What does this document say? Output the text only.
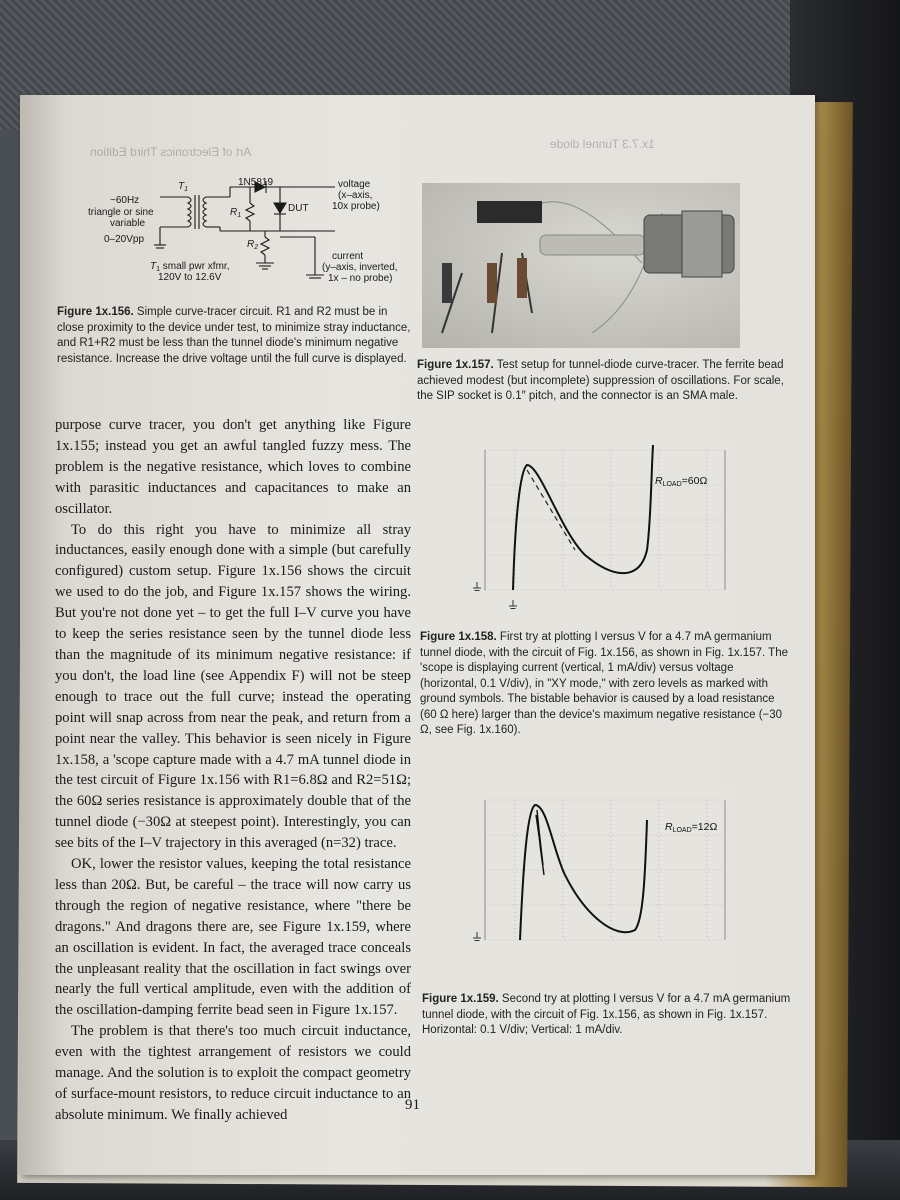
Art of Electronics Third Edition
1x.7.3 Tunnel diode
1N5819
$T_1$
~60Hz
triangle or sine
variable
0–20Vpp
$R_1$
$R_2$
DUT
voltage
(x–axis,
10x probe)
current
(y–axis, inverted,
1x – no probe)
$T_1$ small pwr xfmr,
120V to 12.6V
Figure 1x.156. Simple curve-tracer circuit. R1 and R2 must be in close proximity to the device under test, to minimize stray inductance, and R1+R2 must be less than the tunnel diode's minimum negative resistance. Increase the drive voltage until the full curve is displayed.
Figure 1x.157. Test setup for tunnel-diode curve-tracer. The ferrite bead achieved modest (but incomplete) suppression of oscillations. For scale, the SIP socket is 0.1″ pitch, and the connector is an SMA male.
RLOAD=60Ω
Figure 1x.158. First try at plotting I versus V for a 4.7 mA germanium tunnel diode, with the circuit of Fig. 1x.156, as shown in Fig. 1x.157. The 'scope is displaying current (vertical, 1 mA/div) versus voltage (horizontal, 0.1 V/div), in "XY mode," with zero levels as marked with ground symbols. The bistable behavior is caused by a load resistance (60 Ω here) larger than the device's maximum negative resistance (−30 Ω, see Fig. 1x.160).
RLOAD=12Ω
Figure 1x.159. Second try at plotting I versus V for a 4.7 mA germanium tunnel diode, with the circuit of Fig. 1x.156, as shown in Fig. 1x.157. Horizontal: 0.1 V/div; Vertical: 1 mA/div.

purpose curve tracer, you don't get anything like Figure 1x.155; instead you get an awful tangled fuzzy mess. The problem is the negative resistance, which loves to combine with parasitic inductances and capacitances to make an oscillator.

To do this right you have to minimize all stray inductances, easily enough done with a simple (but carefully configured) custom setup. Figure 1x.156 shows the circuit we used to do the job, and Figure 1x.157 shows the wiring. But you're not done yet – to get the full I–V curve you have to keep the series resistance seen by the tunnel diode less than the magnitude of its minimum negative resistance: if you don't, the load line (see Appendix F) will not be steep enough to trace out the full curve; instead the operating point will snap across from near the peak, and return from a point near the valley. This behavior is seen nicely in Figure 1x.158, a 'scope capture made with a 4.7 mA tunnel diode in the test circuit of Figure 1x.156 with R1=6.8Ω and R2=51Ω; the 60Ω series resistance is approximately double that of the tunnel diode (−30Ω at steepest point). Interestingly, you can see bits of the I–V trajectory in this averaged (n=32) trace.

OK, lower the resistor values, keeping the total resistance less than 20Ω. But, be careful – the trace will now carry us through the region of negative resistance, where "there be dragons." And dragons there are, see Figure 1x.159, where an oscillation is evident. In fact, the averaged trace conceals the unpleasant reality that the oscillation in fact swings over nearly the full vertical amplitude, even with the addition of the oscillation-damping ferrite bead seen in Figure 1x.157.

The problem is that there's too much circuit inductance, even with the tightest arrangement of resistors we could manage. And the solution is to exploit the compact geometry of surface-mount resistors, to reduce circuit inductance to an absolute minimum. We finally achieved

91
